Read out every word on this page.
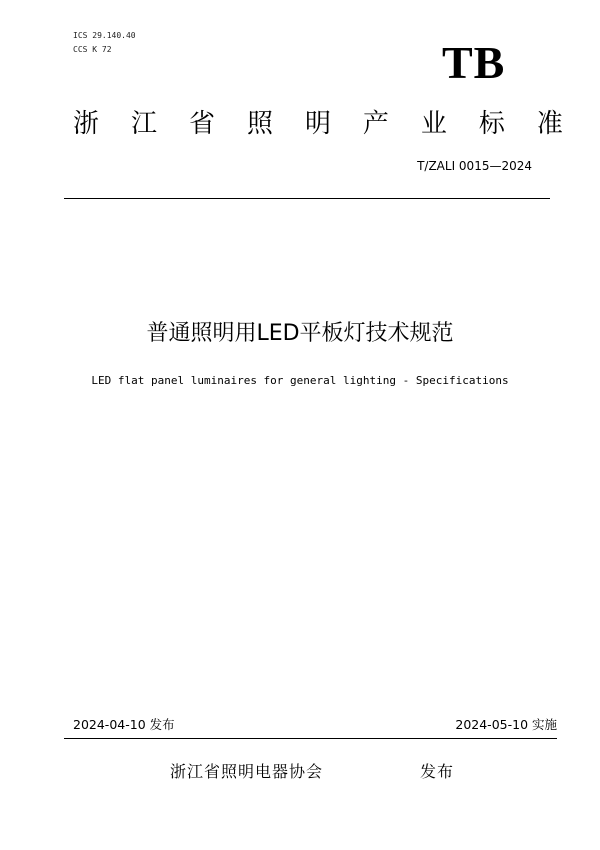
ICS 29.140.40
CCS K 72	TB
浙 江 省 照 明 产 业 标 准
T/ZALI 0015—2024
普通照明用LED平板灯技术规范
LED flat panel luminaires for general lighting - Specifications
2024-04-10 发布	2024-05-10 实施
浙江省照明电器协会	发布
